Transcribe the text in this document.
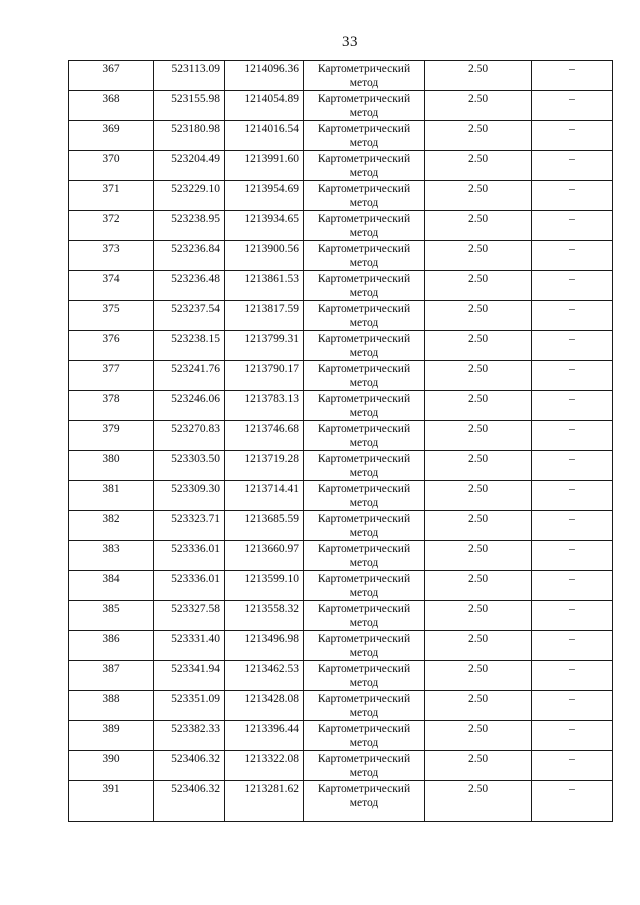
33
367	523113.09	1214096.36	Картометрический метод	2.50	–

368	523155.98	1214054.89	Картометрический метод	2.50	–

369	523180.98	1214016.54	Картометрический метод	2.50	–

370	523204.49	1213991.60	Картометрический метод	2.50	–

371	523229.10	1213954.69	Картометрический метод	2.50	–

372	523238.95	1213934.65	Картометрический метод	2.50	–

373	523236.84	1213900.56	Картометрический метод	2.50	–

374	523236.48	1213861.53	Картометрический метод	2.50	–

375	523237.54	1213817.59	Картометрический метод	2.50	–

376	523238.15	1213799.31	Картометрический метод	2.50	–

377	523241.76	1213790.17	Картометрический метод	2.50	–

378	523246.06	1213783.13	Картометрический метод	2.50	–

379	523270.83	1213746.68	Картометрический метод	2.50	–

380	523303.50	1213719.28	Картометрический метод	2.50	–

381	523309.30	1213714.41	Картометрический метод	2.50	–

382	523323.71	1213685.59	Картометрический метод	2.50	–

383	523336.01	1213660.97	Картометрический метод	2.50	–

384	523336.01	1213599.10	Картометрический метод	2.50	–

385	523327.58	1213558.32	Картометрический метод	2.50	–

386	523331.40	1213496.98	Картометрический метод	2.50	–

387	523341.94	1213462.53	Картометрический метод	2.50	–

388	523351.09	1213428.08	Картометрический метод	2.50	–

389	523382.33	1213396.44	Картометрический метод	2.50	–

390	523406.32	1213322.08	Картометрический метод	2.50	–

391	523406.32	1213281.62	Картометрический метод	2.50	–
